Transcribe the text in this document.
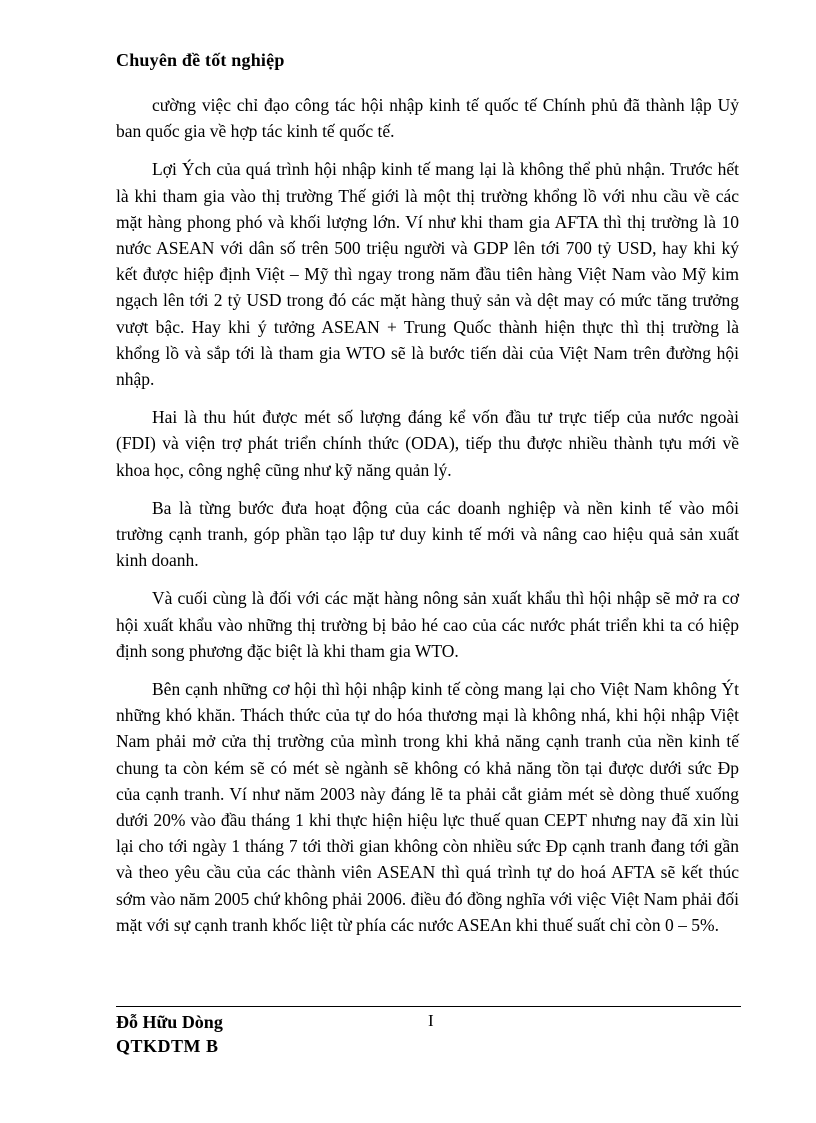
Chuyên đề tốt nghiệp

cường việc chỉ đạo công tác hội nhập kinh tế quốc tế Chính phủ đã thành lập Uỷ ban quốc gia về hợp tác kinh tế quốc tế.

Lợi Ých của quá trình hội nhập kinh tế mang lại là không thể phủ nhận. Trước hết là khi tham gia vào thị trường Thế giới là một thị trường khổng lồ với nhu cầu về các mặt hàng phong phó và khối lượng lớn. Ví như khi tham gia AFTA thì thị trường là 10 nước ASEAN với dân số trên 500 triệu người và GDP lên tới 700 tỷ USD, hay khi ký kết được hiệp định Việt – Mỹ thì ngay trong năm đầu tiên hàng Việt Nam vào Mỹ kim ngạch lên tới 2 tỷ USD trong đó các mặt hàng thuỷ sản và dệt may có mức tăng trưởng vượt bậc. Hay khi ý tưởng ASEAN + Trung Quốc thành hiện thực thì thị trường là khổng lồ và sắp tới là tham gia WTO sẽ là bước tiến dài của Việt Nam trên đường hội nhập.

Hai là thu hút được mét số lượng đáng kể vốn đầu tư trực tiếp của nước ngoài (FDI) và viện trợ phát triển chính thức (ODA), tiếp thu được nhiều thành tựu mới về khoa học, công nghệ cũng như kỹ năng quản lý.

Ba là từng bước đưa hoạt động của các doanh nghiệp và nền kinh tế vào môi trường cạnh tranh, góp phần tạo lập tư duy kinh tế mới và nâng cao hiệu quả sản xuất kinh doanh.

Và cuối cùng là đối với các mặt hàng nông sản xuất khẩu thì hội nhập sẽ mở ra cơ hội xuất khẩu vào những thị trường bị bảo hé cao của các nước phát triển khi ta có hiệp định song phương đặc biệt là khi tham gia WTO.

Bên cạnh những cơ hội thì hội nhập kinh tế còng mang lại cho Việt Nam không Ýt những khó khăn. Thách thức của tự do hóa thương mại là không nhá, khi hội nhập Việt Nam phải mở cửa thị trường của mình trong khi khả năng cạnh tranh của nền kinh tế chung ta còn kém sẽ có mét sè ngành sẽ không có khả năng tồn tại được dưới sức Ðp của cạnh tranh. Ví như năm 2003 này đáng lẽ ta phải cắt giảm mét sè dòng thuế xuống dưới 20% vào đầu tháng 1 khi thực hiện hiệu lực thuế quan CEPT nhưng nay đã xin lùi lại cho tới ngày 1 tháng 7 tới thời gian không còn nhiều sức Ðp cạnh tranh đang tới gần và theo yêu cầu của các thành viên ASEAN thì quá trình tự do hoá AFTA sẽ kết thúc sớm vào năm 2005 chứ không phải 2006. điều đó đồng nghĩa với việc Việt Nam phải đối mặt với sự cạnh tranh khốc liệt từ phía các nước ASEAn khi thuế suất chỉ còn 0 – 5%.

Đỗ Hữu Dòng	I
QTKDTM B
